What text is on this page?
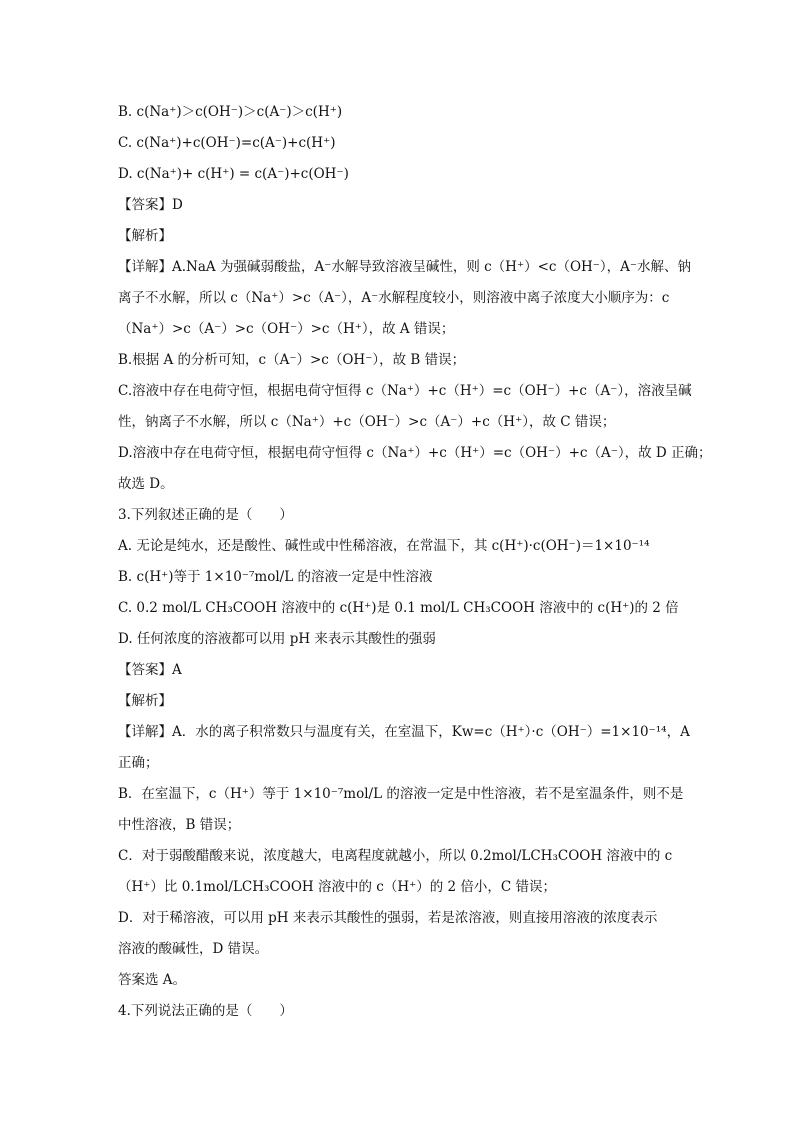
B. c(Na⁺)＞c(OH⁻)＞c(A⁻)＞c(H⁺)
C. c(Na⁺)+c(OH⁻)=c(A⁻)+c(H⁺)
D. c(Na⁺)+ c(H⁺) = c(A⁻)+c(OH⁻)
【答案】D
【解析】
【详解】A.NaA 为强碱弱酸盐，A⁻水解导致溶液呈碱性，则 c（H⁺）<c（OH⁻），A⁻水解、钠
离子不水解，所以 c（Na⁺）>c（A⁻），A⁻水解程度较小，则溶液中离子浓度大小顺序为：c
（Na⁺）>c（A⁻）>c（OH⁻）>c（H⁺），故 A 错误；
B.根据 A 的分析可知，c（A⁻）>c（OH⁻），故 B 错误；
C.溶液中存在电荷守恒，根据电荷守恒得 c（Na⁺）+c（H⁺）=c（OH⁻）+c（A⁻），溶液呈碱
性，钠离子不水解，所以 c（Na⁺）+c（OH⁻）>c（A⁻）+c（H⁺），故 C 错误；
D.溶液中存在电荷守恒，根据电荷守恒得 c（Na⁺）+c（H⁺）=c（OH⁻）+c（A⁻），故 D 正确；
故选 D。
3.下列叙述正确的是（　　）
A. 无论是纯水，还是酸性、碱性或中性稀溶液，在常温下，其 c(H⁺)·c(OH⁻)＝1×10⁻¹⁴
B. c(H⁺)等于 1×10⁻⁷mol/L 的溶液一定是中性溶液
C. 0.2 mol/L CH₃COOH 溶液中的 c(H⁺)是 0.1 mol/L CH₃COOH 溶液中的 c(H⁺)的 2 倍
D. 任何浓度的溶液都可以用 pH 来表示其酸性的强弱
【答案】A
【解析】
【详解】A．水的离子积常数只与温度有关，在室温下，Kw=c（H⁺）·c（OH⁻）=1×10⁻¹⁴，A
正确；
B．在室温下，c（H⁺）等于 1×10⁻⁷mol/L 的溶液一定是中性溶液，若不是室温条件，则不是
中性溶液，B 错误；
C．对于弱酸醋酸来说，浓度越大，电离程度就越小，所以 0.2mol/LCH₃COOH 溶液中的 c
（H⁺）比 0.1mol/LCH₃COOH 溶液中的 c（H⁺）的 2 倍小，C 错误；
D．对于稀溶液，可以用 pH 来表示其酸性的强弱，若是浓溶液，则直接用溶液的浓度表示
溶液的酸碱性，D 错误。
答案选 A。
4.下列说法正确的是（　　）
